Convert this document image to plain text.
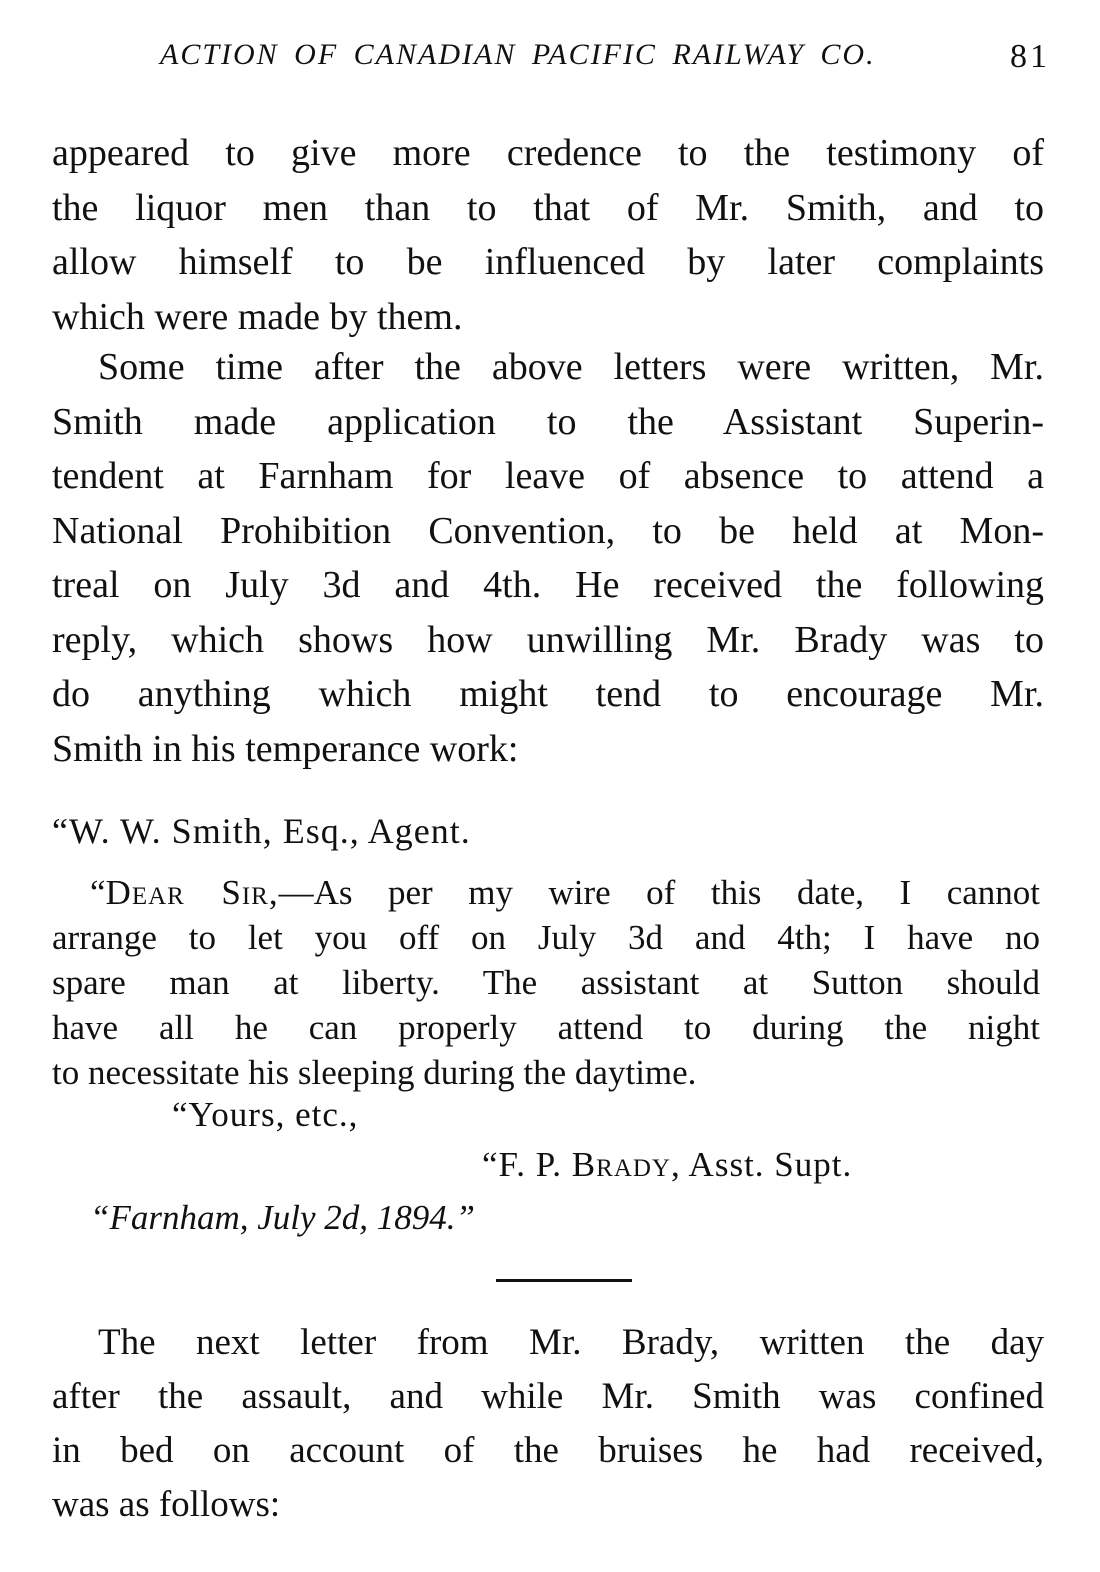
ACTION OF CANADIAN PACIFIC RAILWAY CO.	81
appeared to give more credence to the testimony of
the liquor men than to that of Mr. Smith, and to
allow himself to be influenced by later complaints
which were made by them.
Some time after the above letters were written, Mr.
Smith made application to the Assistant Superin-
tendent at Farnham for leave of absence to attend a
National Prohibition Convention, to be held at Mon-
treal on July 3d and 4th. He received the following
reply, which shows how unwilling Mr. Brady was to
do anything which might tend to encourage Mr.
Smith in his temperance work:
“W. W. Smith, Esq., Agent.
“Dear Sir,—As per my wire of this date, I cannot
arrange to let you off on July 3d and 4th; I have no
spare man at liberty. The assistant at Sutton should
have all he can properly attend to during the night
to necessitate his sleeping during the daytime.
“Yours, etc.,
“F. P. Brady, Asst. Supt.
“Farnham, July 2d, 1894.”
The next letter from Mr. Brady, written the day
after the assault, and while Mr. Smith was confined
in bed on account of the bruises he had received,
was as follows:
